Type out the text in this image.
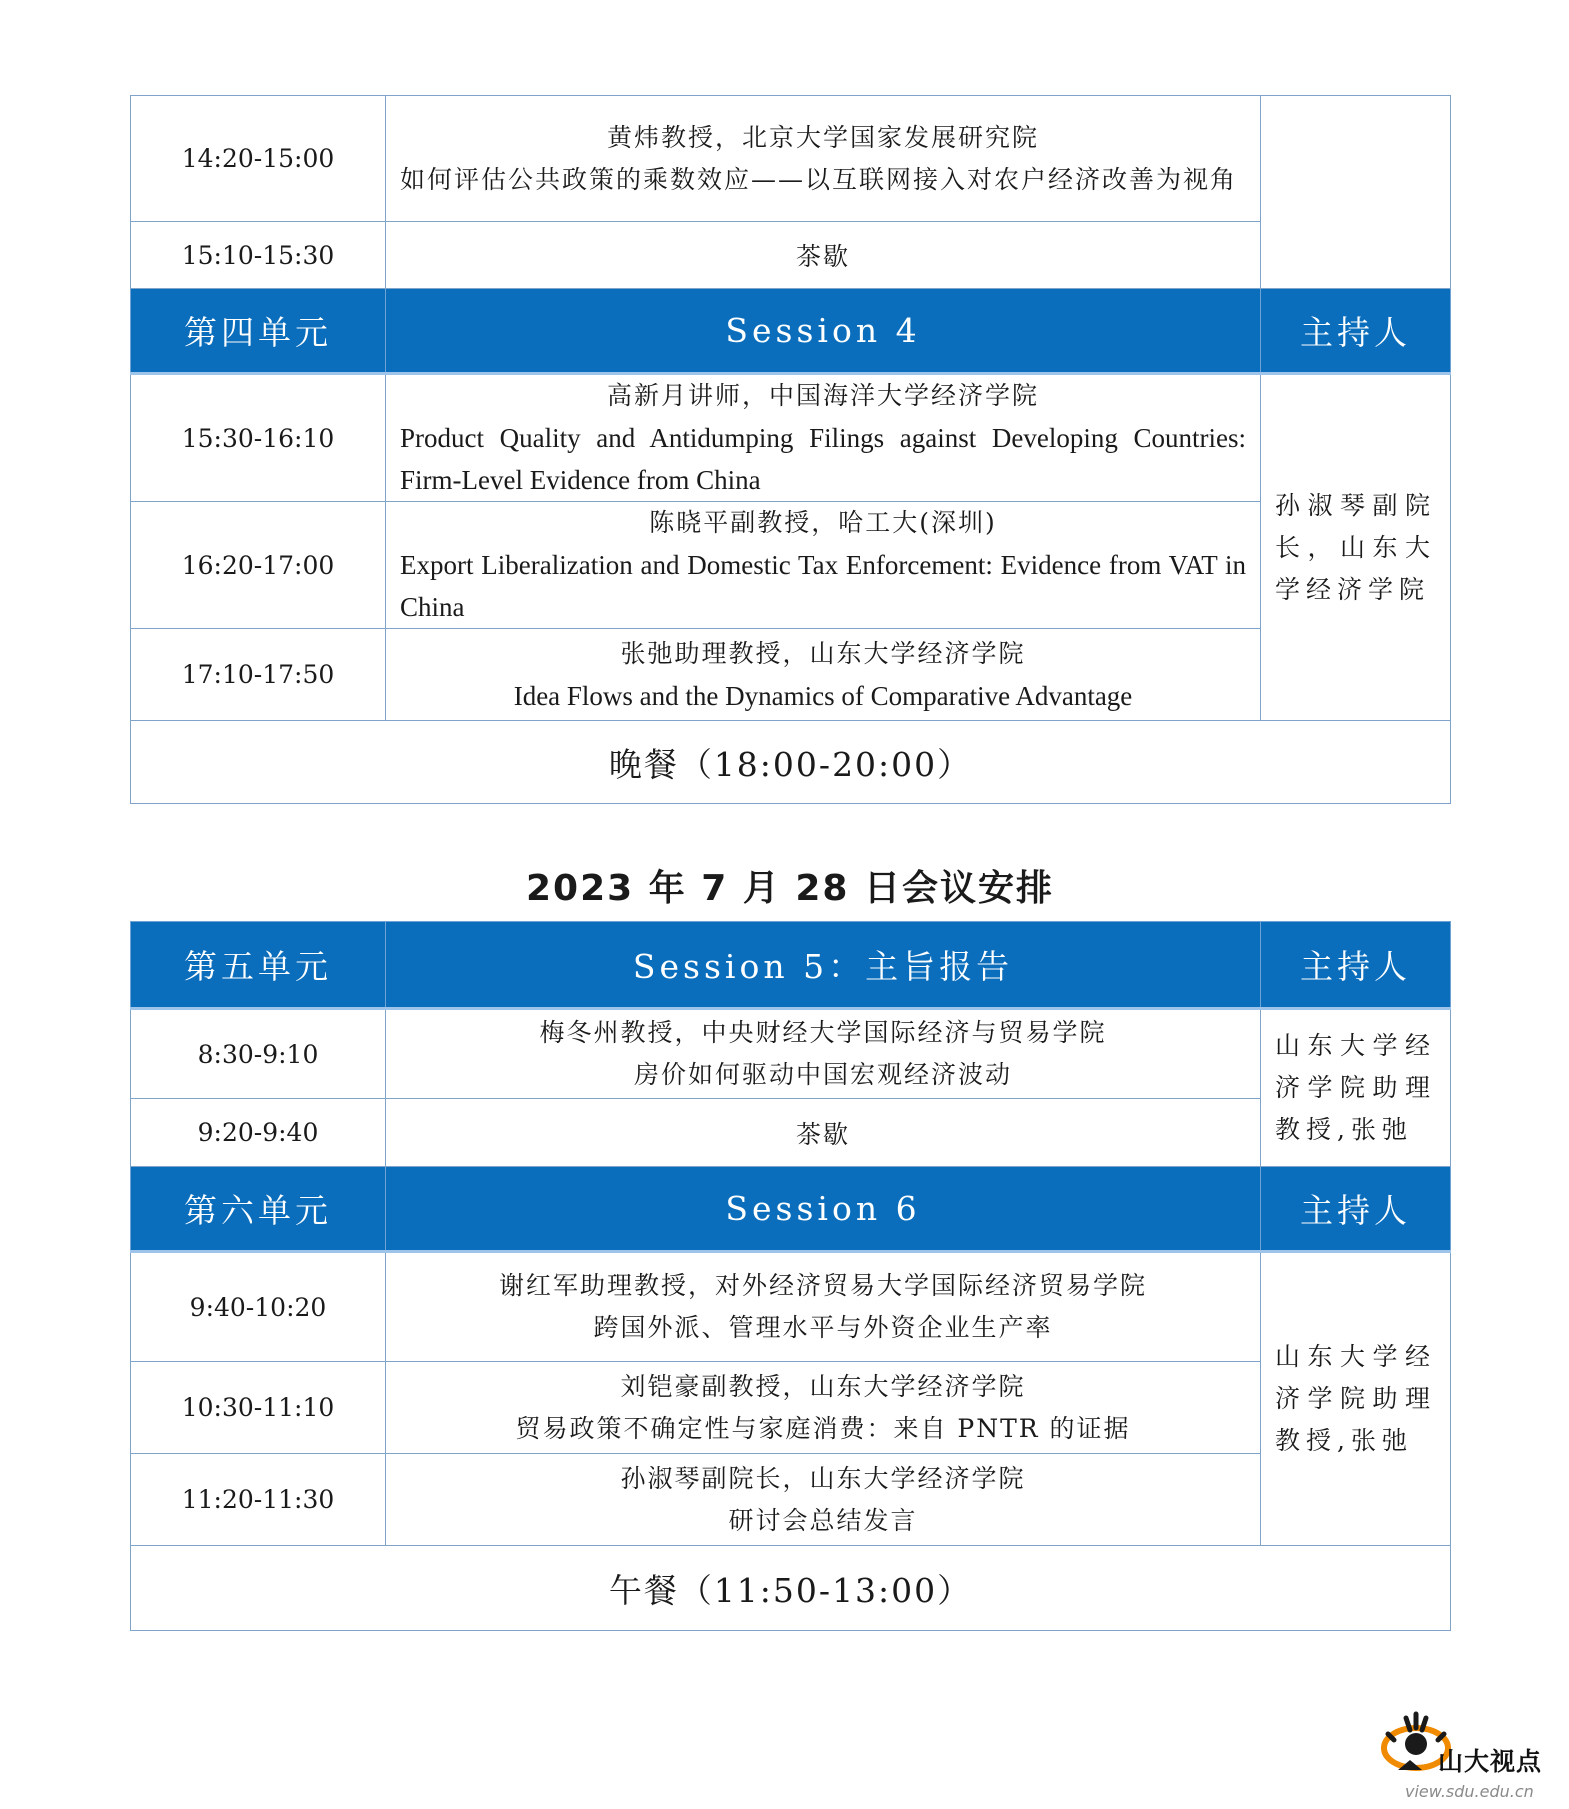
14:20-15:00	黄炜教授，北京大学国家发展研究院
如何评估公共政策的乘数效应——以互联网接入对农户经济改善为视角	

15:10-15:30	茶歇	
第四单元	Session 4	主持人
15:30-16:10	高新月讲师，中国海洋大学经济学院
Product Quality and Antidumping Filings against Developing Countries: Firm-Level Evidence from China	孙淑琴副院长，山东大学经济学院
16:20-17:00	陈晓平副教授，哈工大(深圳)
Export Liberalization and Domestic Tax Enforcement: Evidence from VAT in China	

17:10-17:50	张弛助理教授，山东大学经济学院
Idea Flows and the Dynamics of Comparative Advantage	

晚餐（18:00-20:00）		
2023 年 7 月 28 日会议安排
第五单元	Session 5：主旨报告	主持人
8:30-9:10	梅冬州教授，中央财经大学国际经济与贸易学院
房价如何驱动中国宏观经济波动	山东大学经济学院助理教授,张弛
9:20-9:40	茶歇	
第六单元	Session 6	主持人
9:40-10:20	谢红军助理教授，对外经济贸易大学国际经济贸易学院
跨国外派、管理水平与外资企业生产率	山东大学经济学院助理教授,张弛
10:30-11:10	刘铠豪副教授，山东大学经济学院
贸易政策不确定性与家庭消费：来自 PNTR 的证据	

11:20-11:30	孙淑琴副院长，山东大学经济学院
研讨会总结发言	

午餐（11:50-13:00）		
山大视点
view.sdu.edu.cn
